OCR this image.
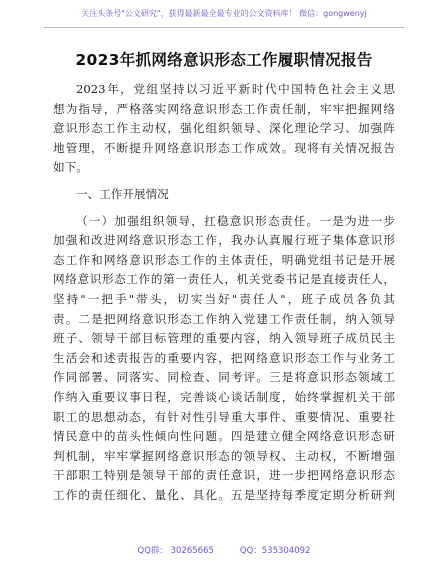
关注头条号"公文研究"，获得最新最全最专业的公文资料库！ 微信：gongwenyj
2023年抓网络意识形态工作履职情况报告
2023年，党组坚持以习近平新时代中国特色社会主义思
想为指导，严格落实网络意识形态工作责任制，牢牢把握网络
意识形态工作主动权，强化组织领导、深化理论学习、加强阵
地管理，不断提升网络意识形态工作成效。现将有关情况报告
如下。
一、工作开展情况
（一）加强组织领导，扛稳意识形态责任。一是为进一步
加强和改进网络意识形态工作，我办认真履行班子集体意识形
态工作和网络意识形态工作的主体责任，明确党组书记是开展
网络意识形态工作的第一责任人，机关党委书记是直接责任人，
坚持"一把手"带头，切实当好"责任人"，班子成员各负其
责。二是把网络意识形态工作纳入党建工作责任制，纳入领导
班子、领导干部目标管理的重要内容，纳入领导班子成员民主
生活会和述责报告的重要内容，把网络意识形态工作与业务工
作同部署、同落实、同检查、同考评。三是将意识形态领域工
作纳入重要议事日程，完善谈心谈话制度，始终掌握机关干部
职工的思想动态，有针对性引导重大事件、重要情况、重要社
情民意中的苗头性倾向性问题。四是建立健全网络意识形态研
判机制，牢牢掌握网络意识形态的领导权、主动权，不断增强
干部职工特别是领导干部的责任意识，进一步把网络意识形态
工作的责任细化、量化、具化。五是坚持每季度定期分析研判
QQ群： 30265665	QQ：535304092
